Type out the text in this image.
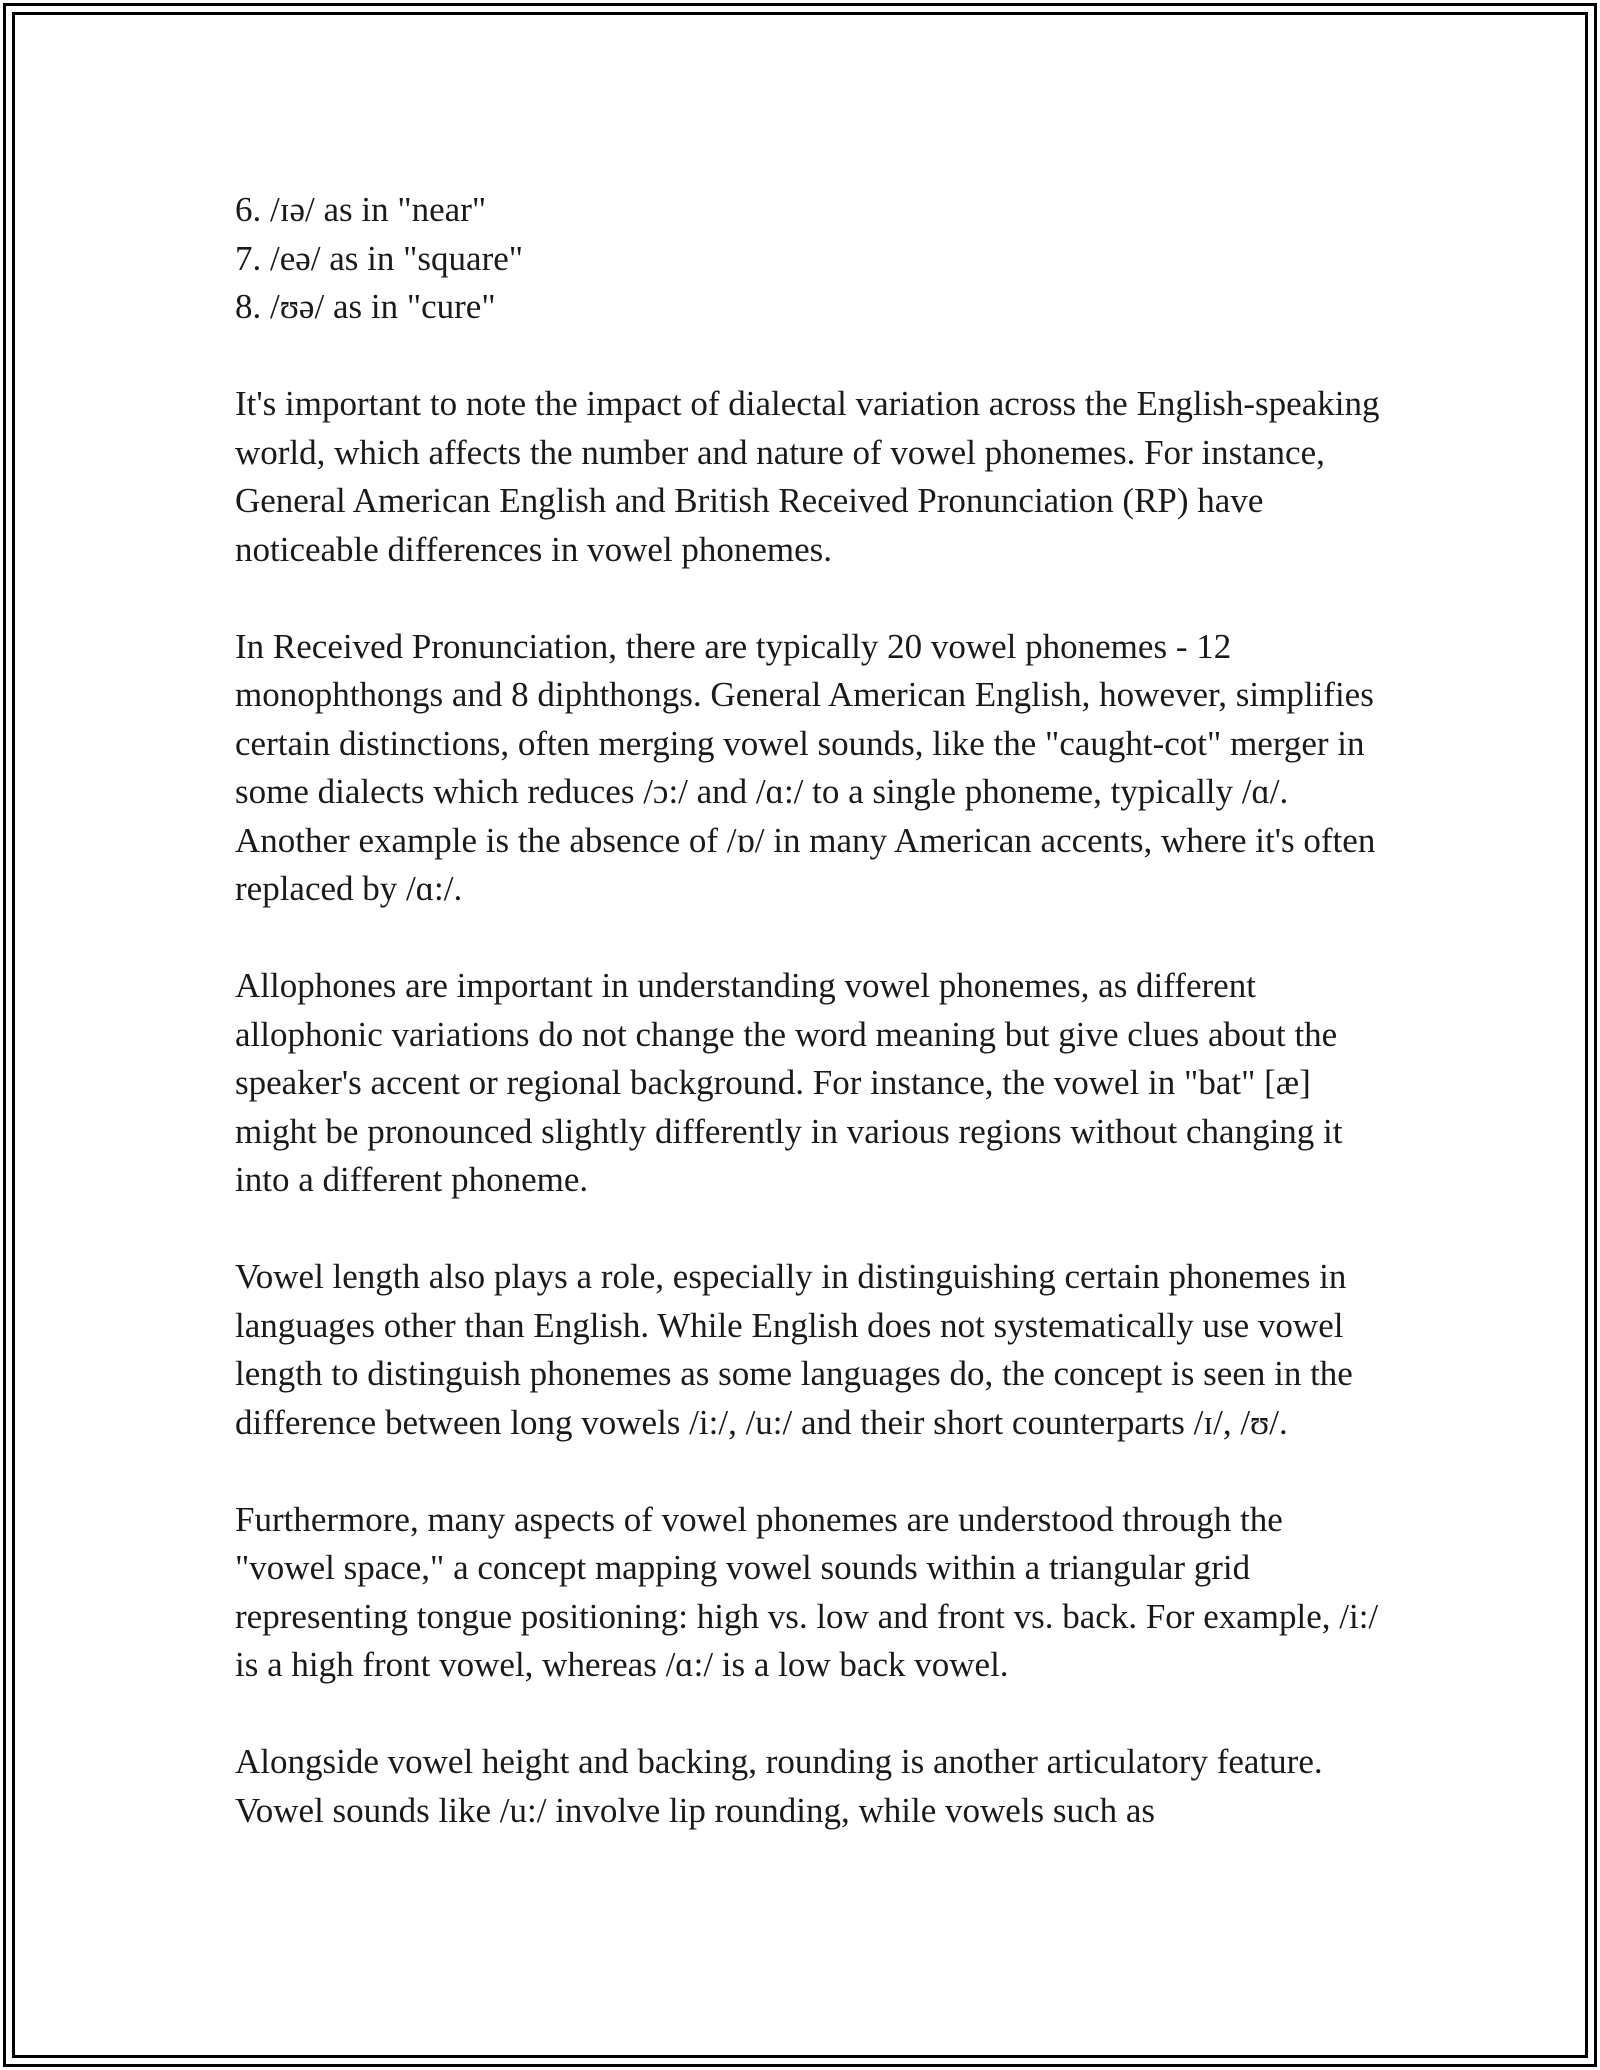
6. /ɪə/ as in "near"

7. /eə/ as in "square"

8. /ʊə/ as in "cure"

It's important to note the impact of dialectal variation across the English-speaking world, which affects the number and nature of vowel phonemes. For instance, General American English and British Received Pronunciation (RP) have noticeable differences in vowel phonemes.

In Received Pronunciation, there are typically 20 vowel phonemes - 12 monophthongs and 8 diphthongs. General American English, however, simplifies certain distinctions, often merging vowel sounds, like the "caught-cot" merger in some dialects which reduces /ɔ:/ and /ɑ:/ to a single phoneme, typically /ɑ/. Another example is the absence of /ɒ/ in many American accents, where it's often replaced by /ɑ:/.

Allophones are important in understanding vowel phonemes, as different allophonic variations do not change the word meaning but give clues about the speaker's accent or regional background. For instance, the vowel in "bat" [æ] might be pronounced slightly differently in various regions without changing it into a different phoneme.

Vowel length also plays a role, especially in distinguishing certain phonemes in languages other than English. While English does not systematically use vowel length to distinguish phonemes as some languages do, the concept is seen in the difference between long vowels /i:/, /u:/ and their short counterparts /ɪ/, /ʊ/.

Furthermore, many aspects of vowel phonemes are understood through the "vowel space," a concept mapping vowel sounds within a triangular grid representing tongue positioning: high vs. low and front vs. back. For example, /i:/ is a high front vowel, whereas /ɑ:/ is a low back vowel.

Alongside vowel height and backing, rounding is another articulatory feature. Vowel sounds like /u:/ involve lip rounding, while vowels such as
